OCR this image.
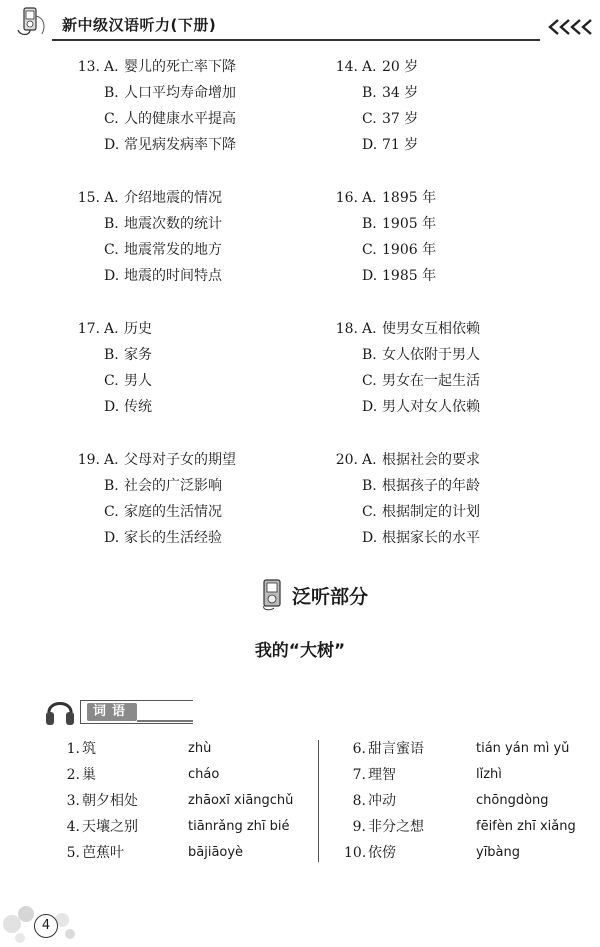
新中级汉语听力(下册)
13. A. 婴儿的死亡率下降
B. 人口平均寿命增加
C. 人的健康水平提高
D. 常见病发病率下降
14. A. 20 岁
B. 34 岁
C. 37 岁
D. 71 岁
15. A. 介绍地震的情况
B. 地震次数的统计
C. 地震常发的地方
D. 地震的时间特点
16. A. 1895 年
B. 1905 年
C. 1906 年
D. 1985 年
17. A. 历史
B. 家务
C. 男人
D. 传统
18. A. 使男女互相依赖
B. 女人依附于男人
C. 男女在一起生活
D. 男人对女人依赖
19. A. 父母对子女的期望
B. 社会的广泛影响
C. 家庭的生活情况
D. 家长的生活经验
20. A. 根据社会的要求
B. 根据孩子的年龄
C. 根据制定的计划
D. 根据家长的水平
泛听部分
我的“大树”
词语
1. 筑	zhù
2. 巢	cháo
3. 朝夕相处	zhāoxī xiāngchǔ
4. 天壤之别	tiānrǎng zhī bié
5. 芭蕉叶	bājiāoyè
6. 甜言蜜语	tián yán mì yǔ
7. 理智	lǐzhì
8. 冲动	chōngdòng
9. 非分之想	fēifèn zhī xiǎng
10. 依傍	yībàng
4
